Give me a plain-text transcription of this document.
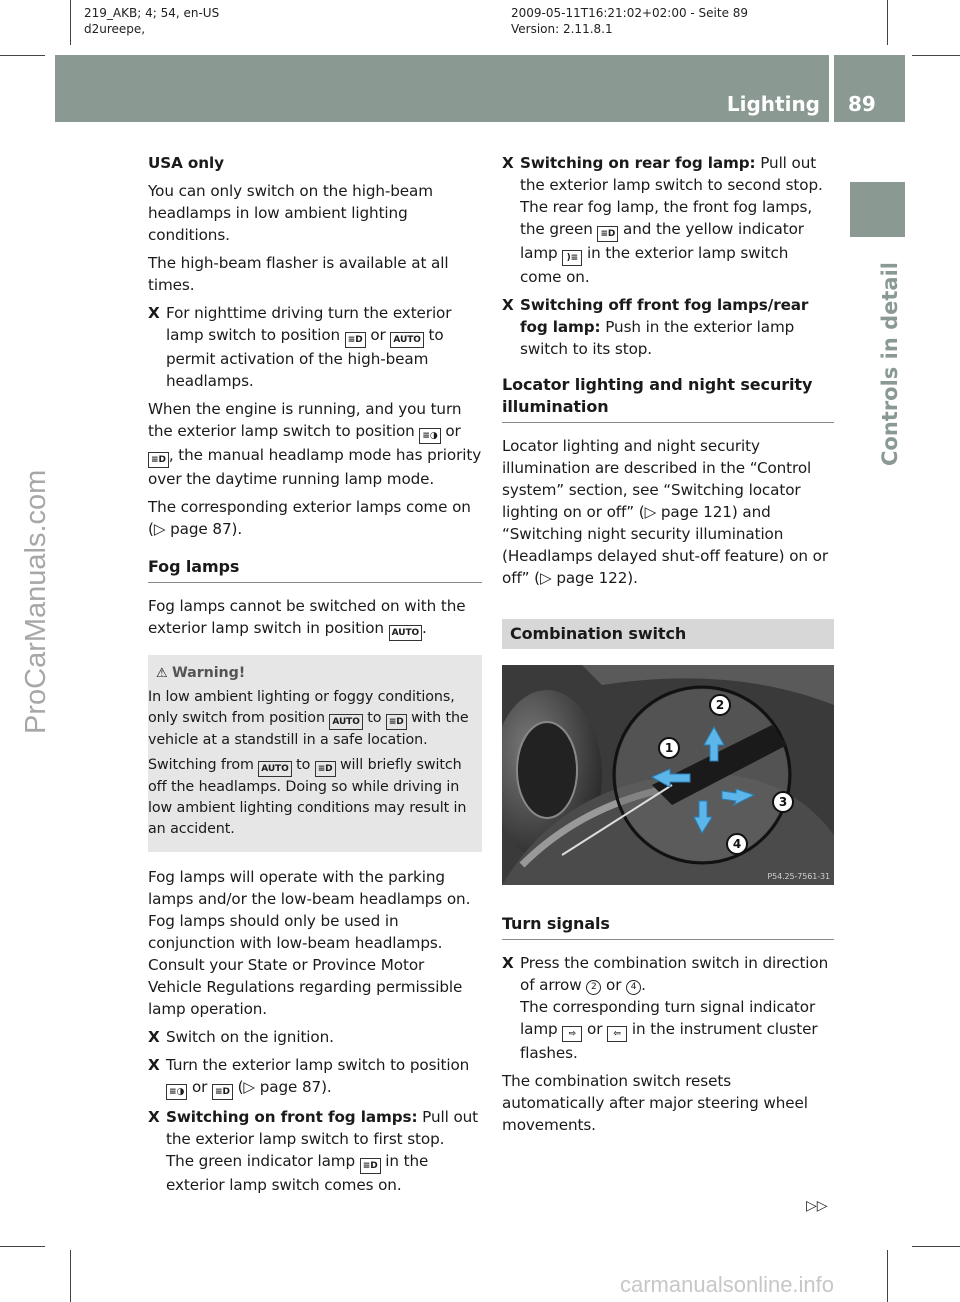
219_AKB; 4; 54, en-US
d2ureepe,
2009-05-11T16:21:02+02:00 - Seite 89
Version: 2.11.8.1
Lighting 89
Controls in detail
ProCarManuals.com

USA only

You can only switch on the high-beam headlamps in low ambient lighting conditions.

The high-beam flasher is available at all times.

X For nighttime driving turn the exterior lamp switch to position ≡D or AUTO to permit activation of the high-beam headlamps.

When the engine is running, and you turn the exterior lamp switch to position ≡◑ or ≡D , the manual headlamp mode has priority over the daytime running lamp mode.

The corresponding exterior lamps come on (▷ page 87).

Fog lamps

Fog lamps cannot be switched on with the exterior lamp switch in position AUTO .

⚠ Warning!

In low ambient lighting or foggy conditions, only switch from position AUTO to ≡D with the vehicle at a standstill in a safe location.

Switching from AUTO to ≡D will briefly switch off the headlamps. Doing so while driving in low ambient lighting conditions may result in an accident.

Fog lamps will operate with the parking lamps and/or the low-beam headlamps on. Fog lamps should only be used in conjunction with low-beam headlamps. Consult your State or Province Motor Vehicle Regulations regarding permissible lamp operation.

X Switch on the ignition.
X Turn the exterior lamp switch to position ≡◑ or ≡D (▷ page 87).
X Switching on front fog lamps: Pull out the exterior lamp switch to first stop.
The green indicator lamp ≡D in the exterior lamp switch comes on.
X Switching on rear fog lamp: Pull out the exterior lamp switch to second stop.
The rear fog lamp, the front fog lamps, the green ≡D and the yellow indicator lamp )≡ in the exterior lamp switch come on.
X Switching off front fog lamps/rear fog lamp: Push in the exterior lamp switch to its stop.
Locator lighting and night security illumination

Locator lighting and night security illumination are described in the “Control system” section, see “Switching locator lighting on or off” (▷ page 121) and “Switching night security illumination (Headlamps delayed shut-off feature) on or off” (▷ page 122).

Combination switch
2
1
3
4
P54.25-7561-31
Turn signals
X Press the combination switch in direction of arrow 2 or 4 .
The corresponding turn signal indicator lamp ⇨ or ⇦ in the instrument cluster flashes.

The combination switch resets automatically after major steering wheel movements.

▷▷
carmanualsonline.info
